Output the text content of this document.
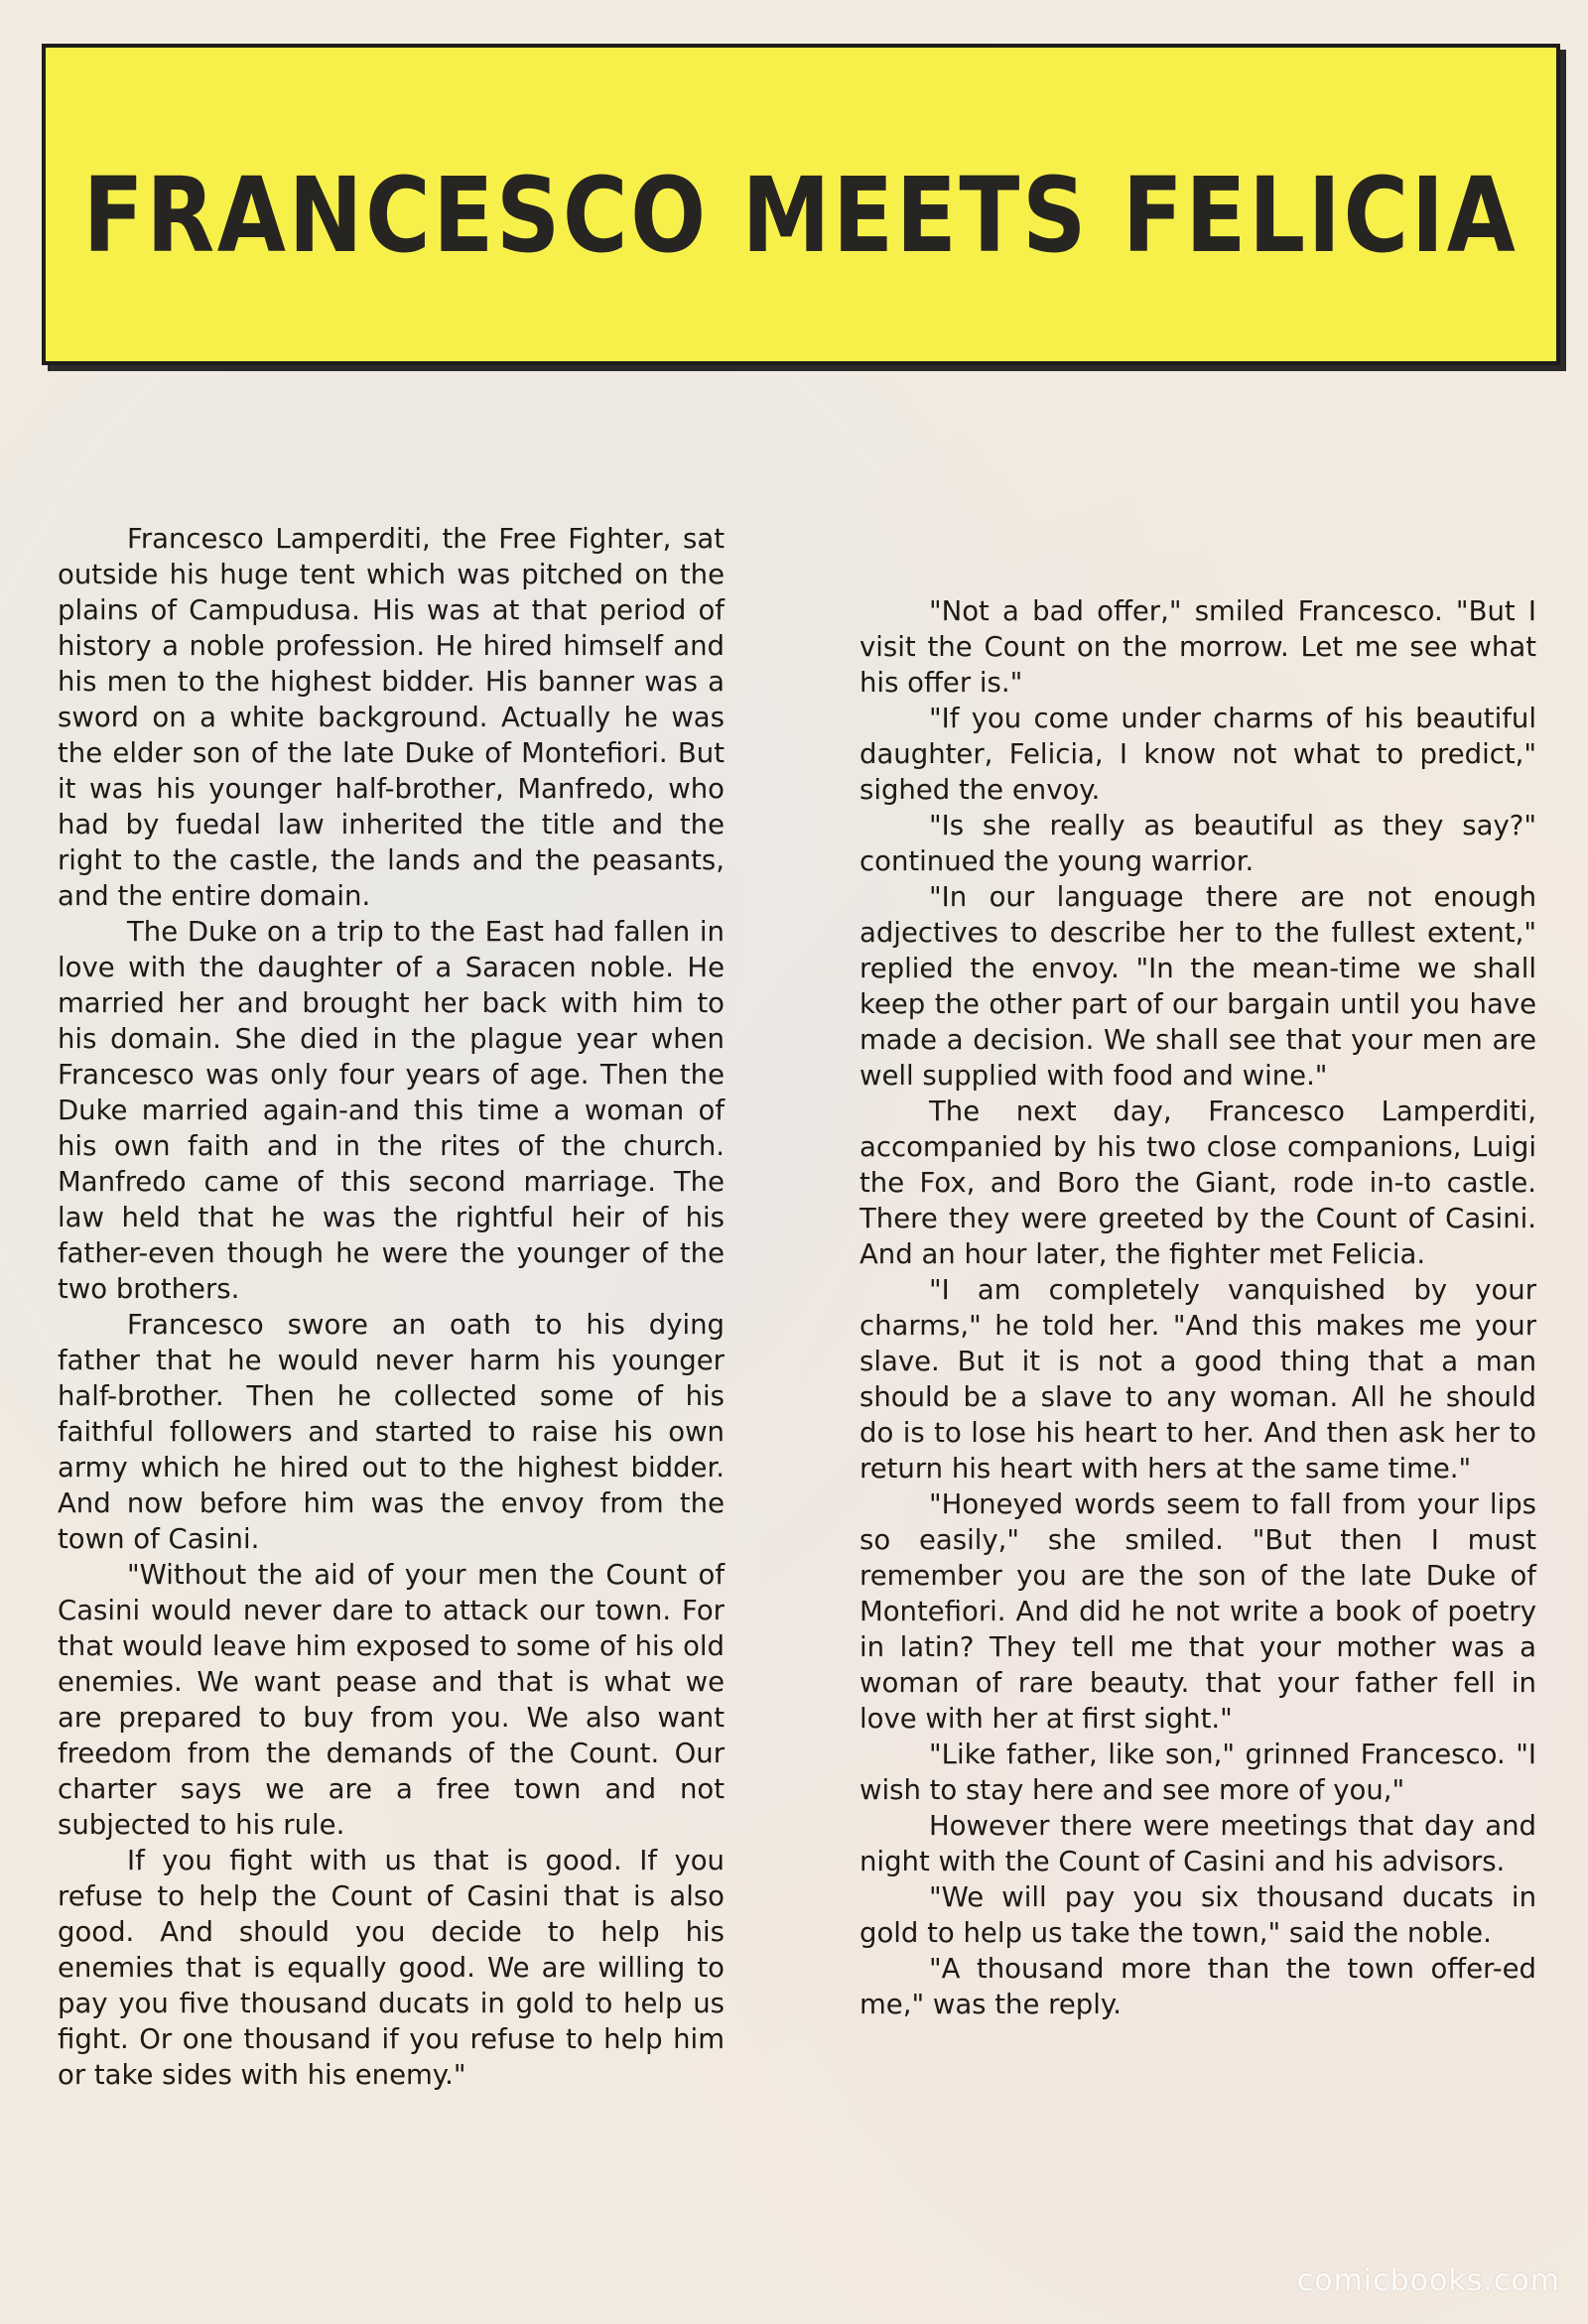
FRANCESCO MEETS FELICIA

Francesco Lamperditi, the Free Fighter, sat outside his huge tent which was pitched on the plains of Campudusa. His was at that period of history a noble profession. He hired himself and his men to the highest bidder. His banner was a sword on a white background. Actually he was the elder son of the late Duke of Montefiori. But it was his younger half-brother, Manfredo, who had by fuedal law inherited the title and the right to the castle, the lands and the peasants, and the entire domain.

The Duke on a trip to the East had fallen in love with the daughter of a Saracen noble. He married her and brought her back with him to his domain. She died in the plague year when Francesco was only four years of age. Then the Duke married again-and this time a woman of his own faith and in the rites of the church. Manfredo came of this second marriage. The law held that he was the rightful heir of his father-even though he were the younger of the two brothers.

Francesco swore an oath to his dying father that he would never harm his younger half-brother. Then he collected some of his faithful followers and started to raise his own army which he hired out to the highest bidder. And now before him was the envoy from the town of Casini.

"Without the aid of your men the Count of Casini would never dare to attack our town. For that would leave him exposed to some of his old enemies. We want pease and that is what we are prepared to buy from you. We also want freedom from the demands of the Count. Our charter says we are a free town and not subjected to his rule.

If you fight with us that is good. If you refuse to help the Count of Casini that is also good. And should you decide to help his enemies that is equally good. We are willing to pay you five thousand ducats in gold to help us fight. Or one thousand if you refuse to help him or take sides with his enemy."

"Not a bad offer," smiled Francesco. "But I visit the Count on the morrow. Let me see what his offer is."

"If you come under charms of his beautiful daughter, Felicia, I know not what to predict," sighed the envoy.

"Is she really as beautiful as they say?" continued the young warrior.

"In our language there are not enough adjectives to describe her to the fullest extent," replied the envoy. "In the mean-time we shall keep the other part of our bargain until you have made a decision. We shall see that your men are well supplied with food and wine."

The next day, Francesco Lamperditi, accompanied by his two close companions, Luigi the Fox, and Boro the Giant, rode in-to castle. There they were greeted by the Count of Casini. And an hour later, the fighter met Felicia.

"I am completely vanquished by your charms," he told her. "And this makes me your slave. But it is not a good thing that a man should be a slave to any woman. All he should do is to lose his heart to her. And then ask her to return his heart with hers at the same time."

"Honeyed words seem to fall from your lips so easily," she smiled. "But then I must remember you are the son of the late Duke of Montefiori. And did he not write a book of poetry in latin? They tell me that your mother was a woman of rare beauty. that your father fell in love with her at first sight."

"Like father, like son," grinned Francesco. "I wish to stay here and see more of you,"

However there were meetings that day and night with the Count of Casini and his advisors.

"We will pay you six thousand ducats in gold to help us take the town," said the noble.

"A thousand more than the town offer-ed me," was the reply.

comicbooks.com
